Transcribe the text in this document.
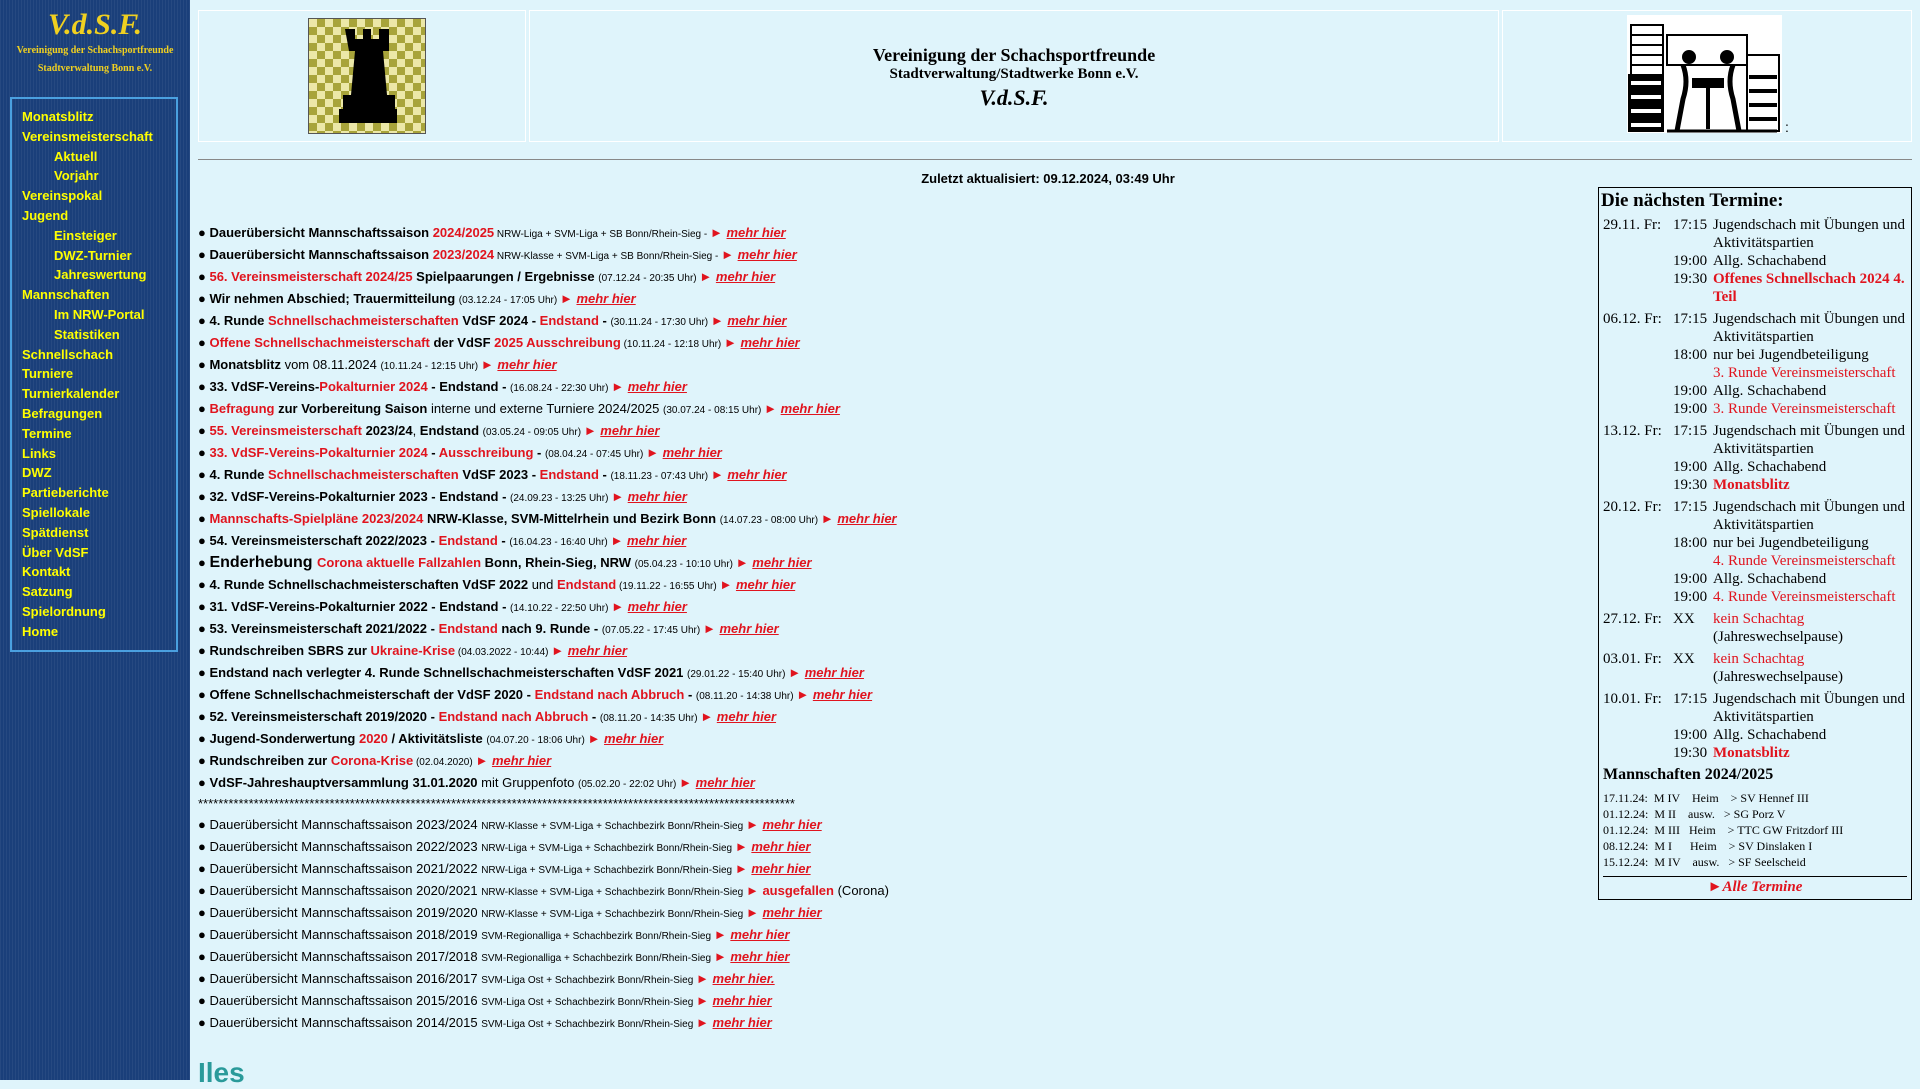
V.d.S.F.
Vereinigung der Schachsportfreunde
Stadtverwaltung Bonn e.V.
Monatsblitz
Vereinsmeisterschaft
Aktuell
Vorjahr
Vereinspokal
Jugend
Einsteiger
DWZ-Turnier
Jahreswertung
Mannschaften
Im NRW-Portal
Statistiken
Schnellschach
Turniere
Turnierkalender
Befragungen
Termine
Links
DWZ
Partieberichte
Spiellokale
Spätdienst
Über VdSF
Kontakt
Satzung
Spielordnung
Home
Vereinigung der Schachsportfreunde
Stadtverwaltung/Stadtwerke Bonn e.V.
V.d.S.F.
:
Zuletzt aktualisiert: 09.12.2024, 03:49 Uhr
● Dauerübersicht Mannschaftssaison 2024/2025 NRW-Liga + SVM-Liga + SB Bonn/Rhein-Sieg - ► mehr hier
● Dauerübersicht Mannschaftssaison 2023/2024 NRW-Klasse + SVM-Liga + SB Bonn/Rhein-Sieg - ► mehr hier
● 56. Vereinsmeisterschaft 2024/25 Spielpaarungen / Ergebnisse (07.12.24 - 20:35 Uhr) ► mehr hier
● Wir nehmen Abschied; Trauermitteilung (03.12.24 - 17:05 Uhr) ► mehr hier
● 4. Runde Schnellschachmeisterschaften VdSF 2024 - Endstand - (30.11.24 - 17:30 Uhr) ► mehr hier
● Offene Schnellschachmeisterschaft der VdSF 2025 Ausschreibung (10.11.24 - 12:18 Uhr) ► mehr hier
● Monatsblitz vom 08.11.2024 (10.11.24 - 12:15 Uhr) ► mehr hier
● 33. VdSF-Vereins-Pokalturnier 2024 - Endstand - (16.08.24 - 22:30 Uhr) ► mehr hier
● Befragung zur Vorbereitung Saison interne und externe Turniere 2024/2025 (30.07.24 - 08:15 Uhr) ► mehr hier
● 55. Vereinsmeisterschaft 2023/24, Endstand (03.05.24 - 09:05 Uhr) ► mehr hier
● 33. VdSF-Vereins-Pokalturnier 2024 - Ausschreibung - (08.04.24 - 07:45 Uhr) ► mehr hier
● 4. Runde Schnellschachmeisterschaften VdSF 2023 - Endstand - (18.11.23 - 07:43 Uhr) ► mehr hier
● 32. VdSF-Vereins-Pokalturnier 2023 - Endstand - (24.09.23 - 13:25 Uhr) ► mehr hier
● Mannschafts-Spielpläne 2023/2024 NRW-Klasse, SVM-Mittelrhein und Bezirk Bonn (14.07.23 - 08:00 Uhr) ► mehr hier
● 54. Vereinsmeisterschaft 2022/2023 - Endstand - (16.04.23 - 16:40 Uhr) ► mehr hier
● Enderhebung Corona aktuelle Fallzahlen Bonn, Rhein-Sieg, NRW (05.04.23 - 10:10 Uhr) ► mehr hier
● 4. Runde Schnellschachmeisterschaften VdSF 2022 und Endstand (19.11.22 - 16:55 Uhr) ► mehr hier
● 31. VdSF-Vereins-Pokalturnier 2022 - Endstand - (14.10.22 - 22:50 Uhr) ► mehr hier
● 53. Vereinsmeisterschaft 2021/2022 - Endstand nach 9. Runde - (07.05.22 - 17:45 Uhr) ► mehr hier
● Rundschreiben SBRS zur Ukraine-Krise (04.03.2022 - 10:44) ► mehr hier
● Endstand nach verlegter 4. Runde Schnellschachmeisterschaften VdSF 2021 (29.01.22 - 15:40 Uhr) ► mehr hier
● Offene Schnellschachmeisterschaft der VdSF 2020 - Endstand nach Abbruch - (08.11.20 - 14:38 Uhr) ► mehr hier
● 52. Vereinsmeisterschaft 2019/2020 - Endstand nach Abbruch - (08.11.20 - 14:35 Uhr) ► mehr hier
● Jugend-Sonderwertung 2020 / Aktivitätsliste (04.07.20 - 18:06 Uhr) ► mehr hier
● Rundschreiben zur Corona-Krise (02.04.2020) ► mehr hier
● VdSF-Jahreshauptversammlung 31.01.2020 mit Gruppenfoto (05.02.20 - 22:02 Uhr) ► mehr hier
**********************************************************************************************************************
● Dauerübersicht Mannschaftssaison 2023/2024 NRW-Klasse + SVM-Liga + Schachbezirk Bonn/Rhein-Sieg ► mehr hier
● Dauerübersicht Mannschaftssaison 2022/2023 NRW-Liga + SVM-Liga + Schachbezirk Bonn/Rhein-Sieg ► mehr hier
● Dauerübersicht Mannschaftssaison 2021/2022 NRW-Liga + SVM-Liga + Schachbezirk Bonn/Rhein-Sieg ► mehr hier
● Dauerübersicht Mannschaftssaison 2020/2021 NRW-Klasse + SVM-Liga + Schachbezirk Bonn/Rhein-Sieg ► ausgefallen (Corona)
● Dauerübersicht Mannschaftssaison 2019/2020 NRW-Klasse + SVM-Liga + Schachbezirk Bonn/Rhein-Sieg ► mehr hier
● Dauerübersicht Mannschaftssaison 2018/2019 SVM-Regionalliga + Schachbezirk Bonn/Rhein-Sieg ► mehr hier
● Dauerübersicht Mannschaftssaison 2017/2018 SVM-Regionalliga + Schachbezirk Bonn/Rhein-Sieg ► mehr hier
● Dauerübersicht Mannschaftssaison 2016/2017 SVM-Liga Ost + Schachbezirk Bonn/Rhein-Sieg ► mehr hier.
● Dauerübersicht Mannschaftssaison 2015/2016 SVM-Liga Ost + Schachbezirk Bonn/Rhein-Sieg ► mehr hier
● Dauerübersicht Mannschaftssaison 2014/2015 SVM-Liga Ost + Schachbezirk Bonn/Rhein-Sieg ► mehr hier
Iles
Die nächsten Termine:
29.11. Fr: 17:15 Jugendschach mit Übungen und Aktivitätspartien
19:00 Allg. Schachabend
19:30 Offenes Schnellschach 2024 4. Teil
06.12. Fr: 17:15 Jugendschach mit Übungen und Aktivitätspartien
18:00 nur bei Jugendbeteiligung
3. Runde Vereinsmeisterschaft
19:00 Allg. Schachabend
19:00 3. Runde Vereinsmeisterschaft
13.12. Fr: 17:15 Jugendschach mit Übungen und Aktivitätspartien
19:00 Allg. Schachabend
19:30 Monatsblitz
20.12. Fr: 17:15 Jugendschach mit Übungen und Aktivitätspartien
18:00 nur bei Jugendbeteiligung
4. Runde Vereinsmeisterschaft
19:00 Allg. Schachabend
19:00 4. Runde Vereinsmeisterschaft
27.12. Fr: XX	kein Schachtag
(Jahreswechselpause)
03.01. Fr: XX	kein Schachtag
(Jahreswechselpause)
10.01. Fr: 17:15 Jugendschach mit Übungen und Aktivitätspartien
19:00 Allg. Schachabend
19:30 Monatsblitz
Mannschaften 2024/2025
17.11.24:  M IV    Heim    > SV Hennef III
01.12.24:  M II    ausw.   > SG Porz V
01.12.24:  M III   Heim    > TTC GW Fritzdorf III
08.12.24:  M I      Heim    > SV Dinslaken I
15.12.24:  M IV    ausw.   > SF Seelscheid
►Alle Termine
